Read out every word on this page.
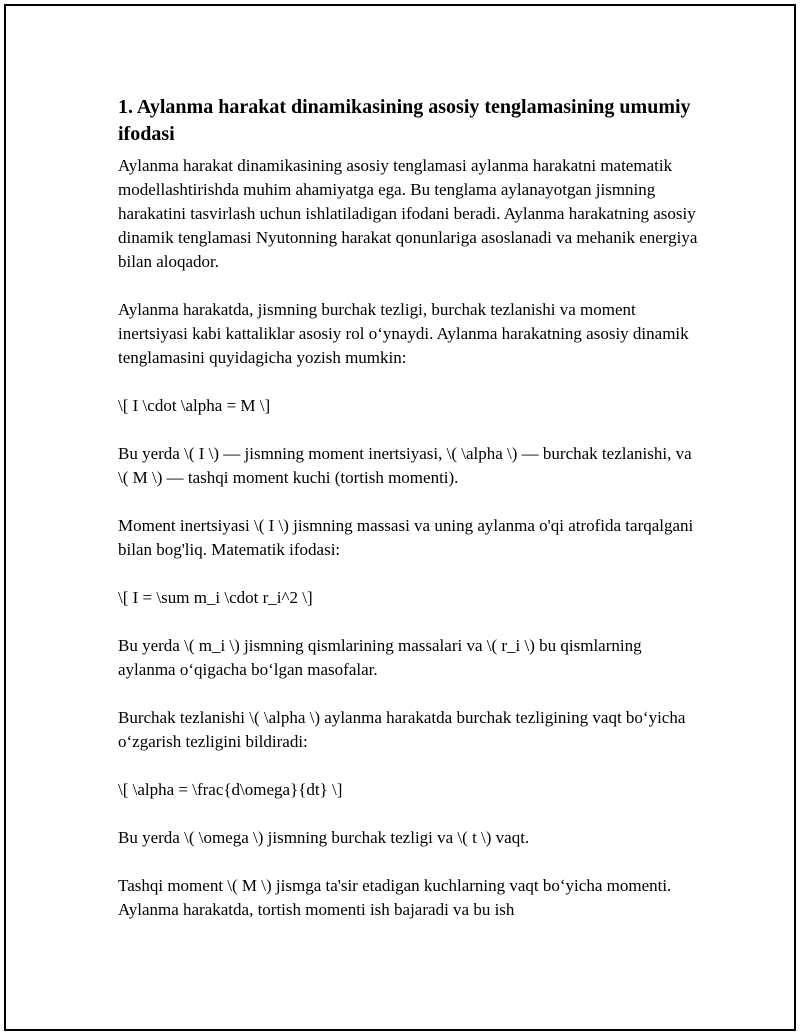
1. Aylanma harakat dinamikasining asosiy tenglamasining umumiy ifodasi

Aylanma harakat dinamikasining asosiy tenglamasi aylanma harakatni matematik modellashtirishda muhim ahamiyatga ega. Bu tenglama aylanayotgan jismning harakatini tasvirlash uchun ishlatiladigan ifodani beradi. Aylanma harakatning asosiy dinamik tenglamasi Nyutonning harakat qonunlariga asoslanadi va mehanik energiya bilan aloqador.

Aylanma harakatda, jismning burchak tezligi, burchak tezlanishi va moment inertsiyasi kabi kattaliklar asosiy rol o‘ynaydi. Aylanma harakatning asosiy dinamik tenglamasini quyidagicha yozish mumkin:

\[ I \cdot \alpha = M \]

Bu yerda \( I \) — jismning moment inertsiyasi, \( \alpha \) — burchak tezlanishi, va \( M \) — tashqi moment kuchi (tortish momenti).

Moment inertsiyasi \( I \) jismning massasi va uning aylanma o'qi atrofida tarqalgani bilan bog'liq. Matematik ifodasi:

\[ I = \sum m_i \cdot r_i^2 \]

Bu yerda \( m_i \) jismning qismlarining massalari va \( r_i \) bu qismlarning aylanma o‘qigacha bo‘lgan masofalar.

Burchak tezlanishi \( \alpha \) aylanma harakatda burchak tezligining vaqt bo‘yicha o‘zgarish tezligini bildiradi:

\[ \alpha = \frac{d\omega}{dt} \]

Bu yerda \( \omega \) jismning burchak tezligi va \( t \) vaqt.

Tashqi moment \( M \) jismga ta'sir etadigan kuchlarning vaqt bo‘yicha momenti. Aylanma harakatda, tortish momenti ish bajaradi va bu ish
